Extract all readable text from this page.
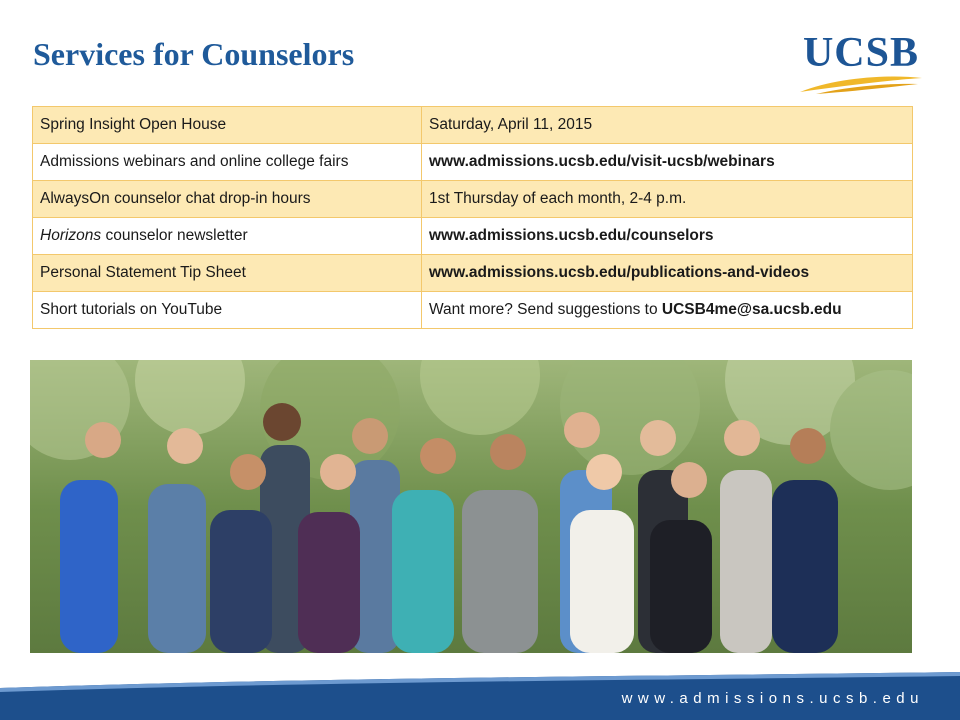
Services for Counselors	UCSB
Spring Insight Open House	Saturday, April 11, 2015
Admissions webinars and online college fairs	www.admissions.ucsb.edu/visit-ucsb/webinars
AlwaysOn counselor chat drop-in hours	1st Thursday of each month, 2-4 p.m.
Horizons counselor newsletter	www.admissions.ucsb.edu/counselors
Personal Statement Tip Sheet	www.admissions.ucsb.edu/publications-and-videos
Short tutorials on YouTube	Want more? Send suggestions to UCSB4me@sa.ucsb.edu
www.admissions.ucsb.edu
